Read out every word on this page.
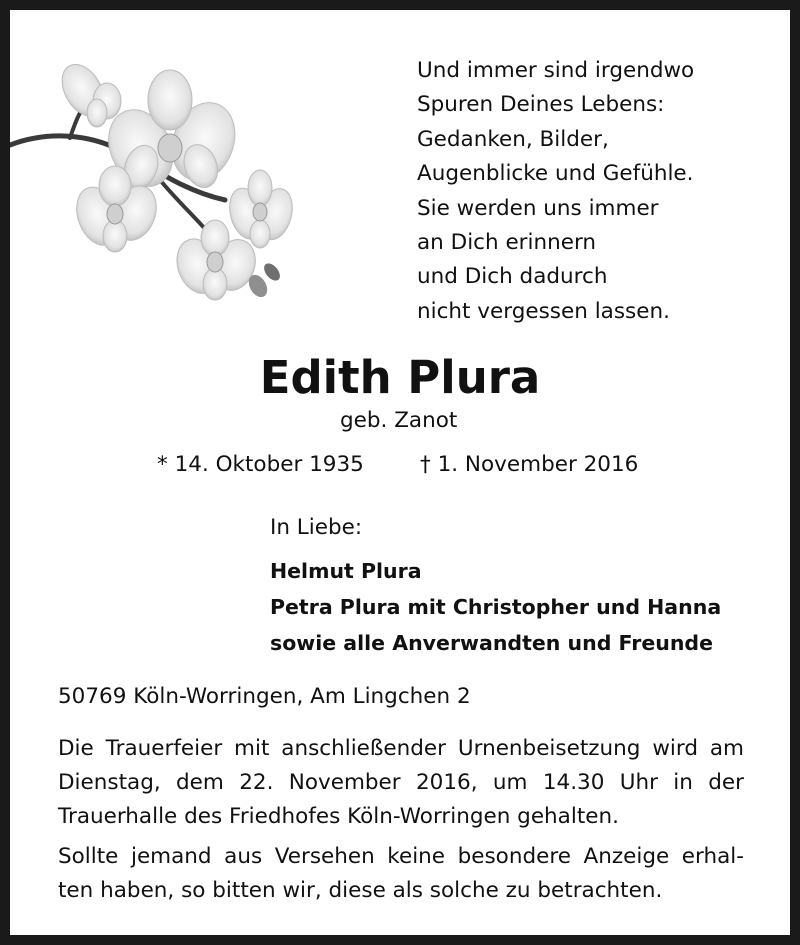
Und immer sind irgendwo
Spuren Deines Lebens:
Gedanken, Bilder,
Augenblicke und Gefühle.
Sie werden uns immer
an Dich erinnern
und Dich dadurch
nicht vergessen lassen.
Edith Plura
geb. Zanot
* 14. Oktober 1935	† 1. November 2016
In Liebe:
Helmut Plura
Petra Plura mit Christopher und Hanna
sowie alle Anverwandten und Freunde
50769 Köln-Worringen, Am Lingchen 2

Die Trauerfeier mit anschließender Urnenbeisetzung wird am
Dienstag, dem 22. November 2016, um 14.30 Uhr in der
Trauerhalle des Friedhofes Köln-Worringen gehalten.

Sollte jemand aus Versehen keine besondere Anzeige erhal-
ten haben, so bitten wir, diese als solche zu betrachten.
